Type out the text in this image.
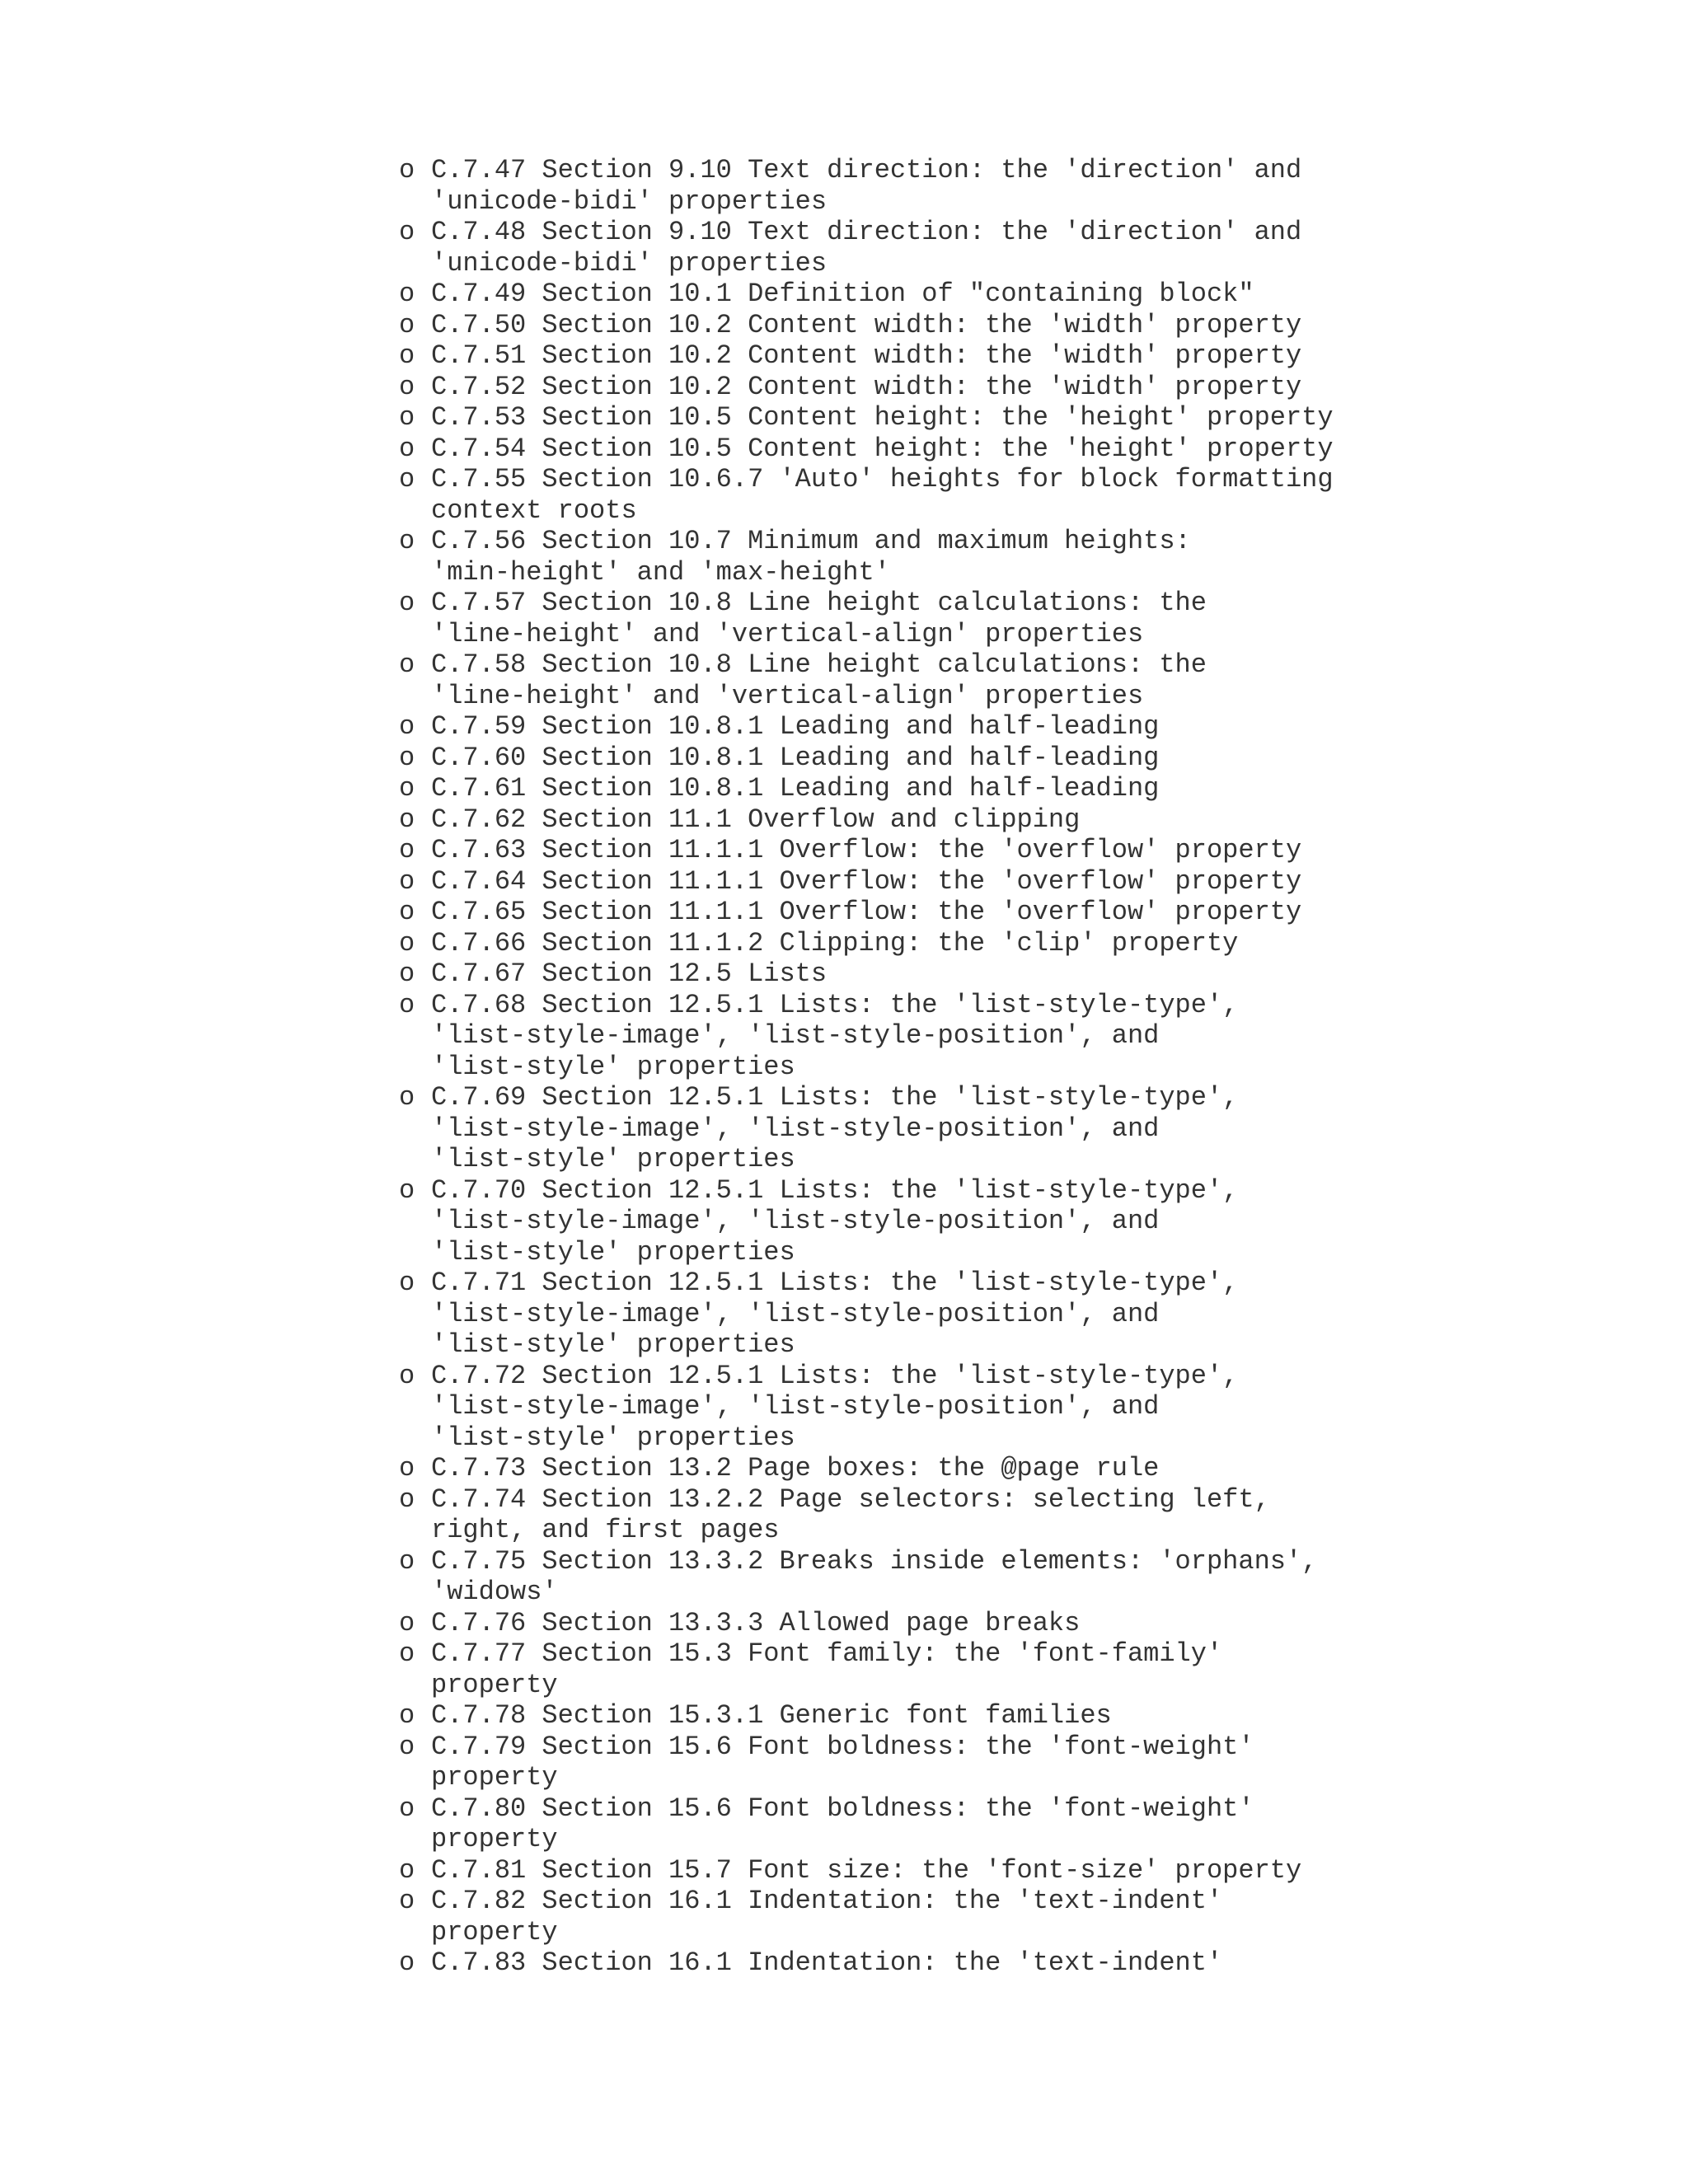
o C.7.47 Section 9.10 Text direction: the 'direction' and
'unicode-bidi' properties
o C.7.48 Section 9.10 Text direction: the 'direction' and
'unicode-bidi' properties
o C.7.49 Section 10.1 Definition of "containing block"
o C.7.50 Section 10.2 Content width: the 'width' property
o C.7.51 Section 10.2 Content width: the 'width' property
o C.7.52 Section 10.2 Content width: the 'width' property
o C.7.53 Section 10.5 Content height: the 'height' property
o C.7.54 Section 10.5 Content height: the 'height' property
o C.7.55 Section 10.6.7 'Auto' heights for block formatting
context roots
o C.7.56 Section 10.7 Minimum and maximum heights:
'min-height' and 'max-height'
o C.7.57 Section 10.8 Line height calculations: the
'line-height' and 'vertical-align' properties
o C.7.58 Section 10.8 Line height calculations: the
'line-height' and 'vertical-align' properties
o C.7.59 Section 10.8.1 Leading and half-leading
o C.7.60 Section 10.8.1 Leading and half-leading
o C.7.61 Section 10.8.1 Leading and half-leading
o C.7.62 Section 11.1 Overflow and clipping
o C.7.63 Section 11.1.1 Overflow: the 'overflow' property
o C.7.64 Section 11.1.1 Overflow: the 'overflow' property
o C.7.65 Section 11.1.1 Overflow: the 'overflow' property
o C.7.66 Section 11.1.2 Clipping: the 'clip' property
o C.7.67 Section 12.5 Lists
o C.7.68 Section 12.5.1 Lists: the 'list-style-type',
'list-style-image', 'list-style-position', and
'list-style' properties
o C.7.69 Section 12.5.1 Lists: the 'list-style-type',
'list-style-image', 'list-style-position', and
'list-style' properties
o C.7.70 Section 12.5.1 Lists: the 'list-style-type',
'list-style-image', 'list-style-position', and
'list-style' properties
o C.7.71 Section 12.5.1 Lists: the 'list-style-type',
'list-style-image', 'list-style-position', and
'list-style' properties
o C.7.72 Section 12.5.1 Lists: the 'list-style-type',
'list-style-image', 'list-style-position', and
'list-style' properties
o C.7.73 Section 13.2 Page boxes: the @page rule
o C.7.74 Section 13.2.2 Page selectors: selecting left,
right, and first pages
o C.7.75 Section 13.3.2 Breaks inside elements: 'orphans',
'widows'
o C.7.76 Section 13.3.3 Allowed page breaks
o C.7.77 Section 15.3 Font family: the 'font-family'
property
o C.7.78 Section 15.3.1 Generic font families
o C.7.79 Section 15.6 Font boldness: the 'font-weight'
property
o C.7.80 Section 15.6 Font boldness: the 'font-weight'
property
o C.7.81 Section 15.7 Font size: the 'font-size' property
o C.7.82 Section 16.1 Indentation: the 'text-indent'
property
o C.7.83 Section 16.1 Indentation: the 'text-indent'
